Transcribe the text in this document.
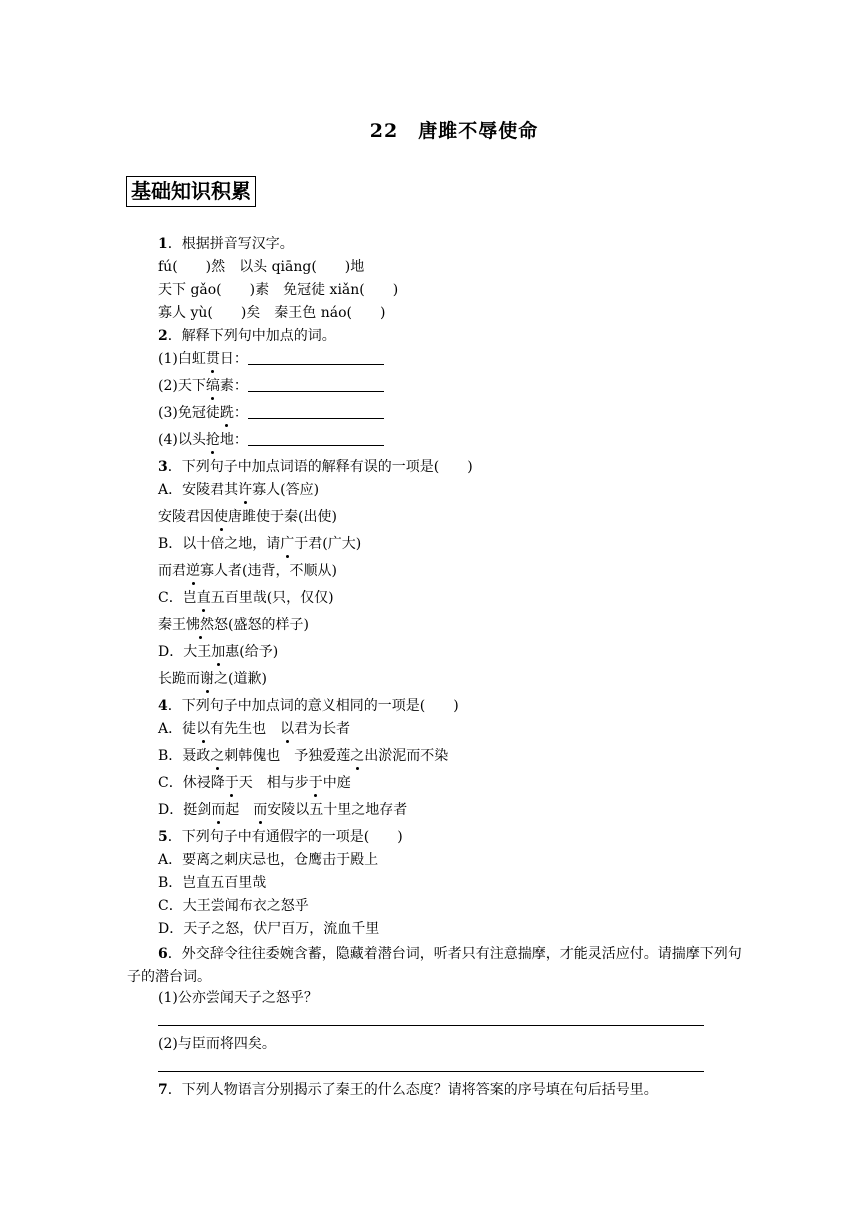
22　唐雎不辱使命
基础知识积累
1．根据拼音写汉字。
fú(　　)然　以头 qiāng(　　)地
天下 gǎo(　　)素　免冠徒 xiǎn(　　)
寡人 yù(　　)矣　秦王色 náo(　　)
2．解释下列句中加点的词。
(1)白虹贯日：
(2)天下缟素：
(3)免冠徒跣：
(4)以头抢地：
3．下列句子中加点词语的解释有误的一项是(　　)
A．安陵君其许寡人(答应)
安陵君因使唐雎使于秦(出使)
B．以十倍之地，请广于君(广大)
而君逆寡人者(违背，不顺从)
C．岂直五百里哉(只，仅仅)
秦王怫然怒(盛怒的样子)
D．大王加惠(给予)
长跪而谢之(道歉)
4．下列句子中加点词的意义相同的一项是(　　)
A．徒以有先生也　以君为长者
B．聂政之刺韩傀也　予独爱莲之出淤泥而不染
C．休祲降于天　相与步于中庭
D．挺剑而起　而安陵以五十里之地存者
5．下列句子中有通假字的一项是(　　)
A．要离之刺庆忌也，仓鹰击于殿上
B．岂直五百里哉
C．大王尝闻布衣之怒乎
D．天子之怒，伏尸百万，流血千里
6．外交辞令往往委婉含蓄，隐藏着潜台词，听者只有注意揣摩，才能灵活应付。请揣摩下列句子的潜台词。
(1)公亦尝闻天子之怒乎？
(2)与臣而将四矣。
7．下列人物语言分别揭示了秦王的什么态度？请将答案的序号填在句后括号里。
